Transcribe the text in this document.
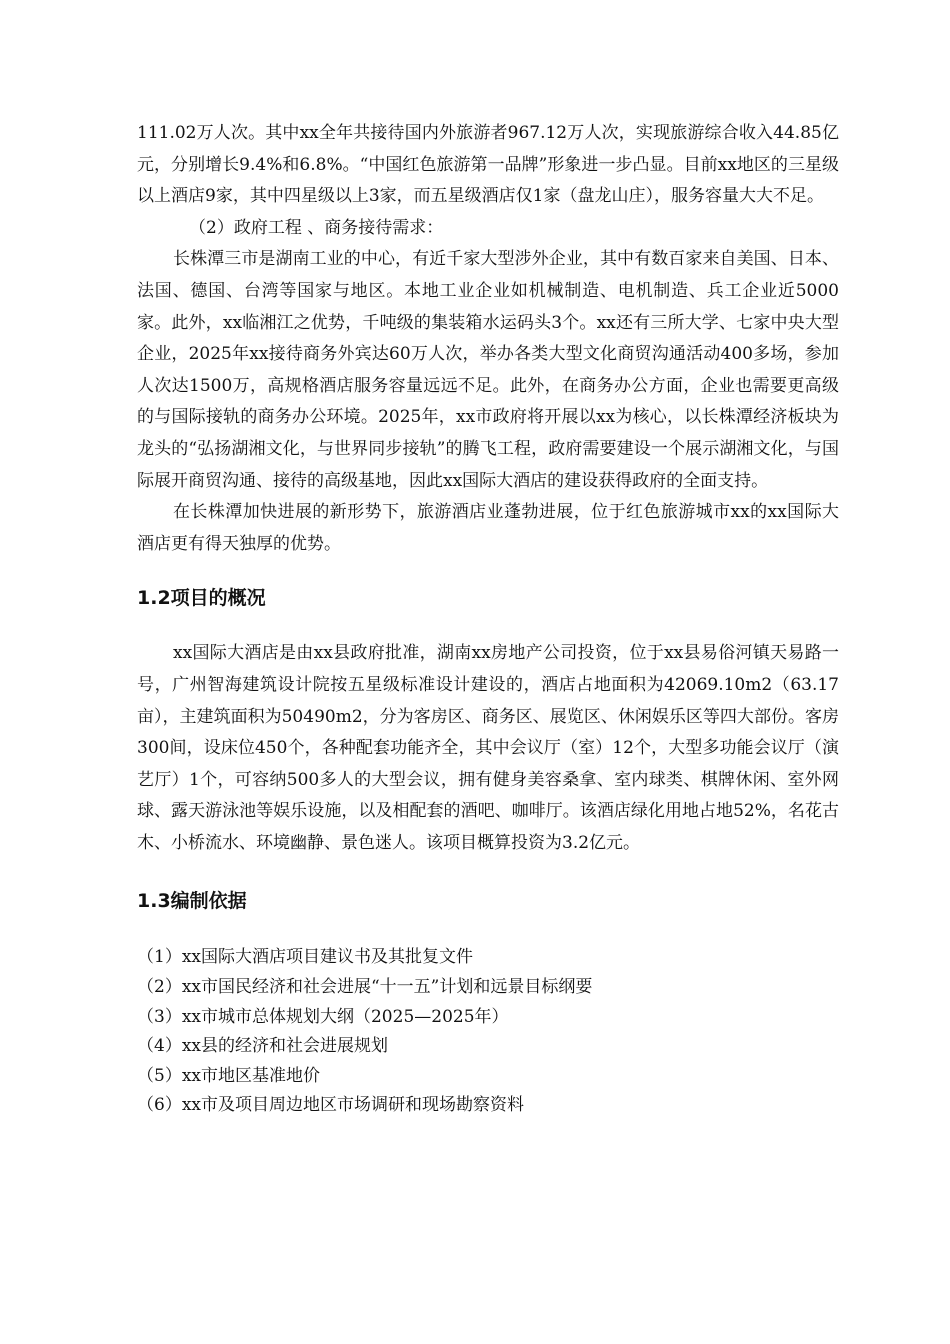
111.02万人次。其中xx全年共接待国内外旅游者967.12万人次，实现旅游综合收入44.85亿元，分别增长9.4%和6.8%。“中国红色旅游第一品牌”形象进一步凸显。目前xx地区的三星级以上酒店9家，其中四星级以上3家，而五星级酒店仅1家（盘龙山庄），服务容量大大不足。

（2）政府工程 、商务接待需求：

长株潭三市是湖南工业的中心，有近千家大型涉外企业，其中有数百家来自美国、日本、法国、德国、台湾等国家与地区。本地工业企业如机械制造、电机制造、兵工企业近5000家。此外，xx临湘江之优势，千吨级的集装箱水运码头3个。xx还有三所大学、七家中央大型企业，2025年xx接待商务外宾达60万人次，举办各类大型文化商贸沟通活动400多场，参加人次达1500万，高规格酒店服务容量远远不足。此外，在商务办公方面，企业也需要更高级的与国际接轨的商务办公环境。2025年，xx市政府将开展以xx为核心，以长株潭经济板块为龙头的“弘扬湖湘文化，与世界同步接轨”的腾飞工程，政府需要建设一个展示湖湘文化，与国际展开商贸沟通、接待的高级基地，因此xx国际大酒店的建设获得政府的全面支持。

在长株潭加快进展的新形势下，旅游酒店业蓬勃进展，位于红色旅游城市xx的xx国际大酒店更有得天独厚的优势。

1.2项目的概况

xx国际大酒店是由xx县政府批准，湖南xx房地产公司投资，位于xx县易俗河镇天易路一号，广州智海建筑设计院按五星级标准设计建设的，酒店占地面积为42069.10m2（63.17亩），主建筑面积为50490m2，分为客房区、商务区、展览区、休闲娱乐区等四大部份。客房300间，设床位450个，各种配套功能齐全，其中会议厅（室）12个，大型多功能会议厅（演艺厅）1个，可容纳500多人的大型会议，拥有健身美容桑拿、室内球类、棋牌休闲、室外网球、露天游泳池等娱乐设施，以及相配套的酒吧、咖啡厅。该酒店绿化用地占地52%，名花古木、小桥流水、环境幽静、景色迷人。该项目概算投资为3.2亿元。

1.3编制依据
（1）xx国际大酒店项目建议书及其批复文件
（2）xx市国民经济和社会进展“十一五”计划和远景目标纲要
（3）xx市城市总体规划大纲（2025—2025年）
（4）xx县的经济和社会进展规划
（5）xx市地区基准地价
（6）xx市及项目周边地区市场调研和现场勘察资料
